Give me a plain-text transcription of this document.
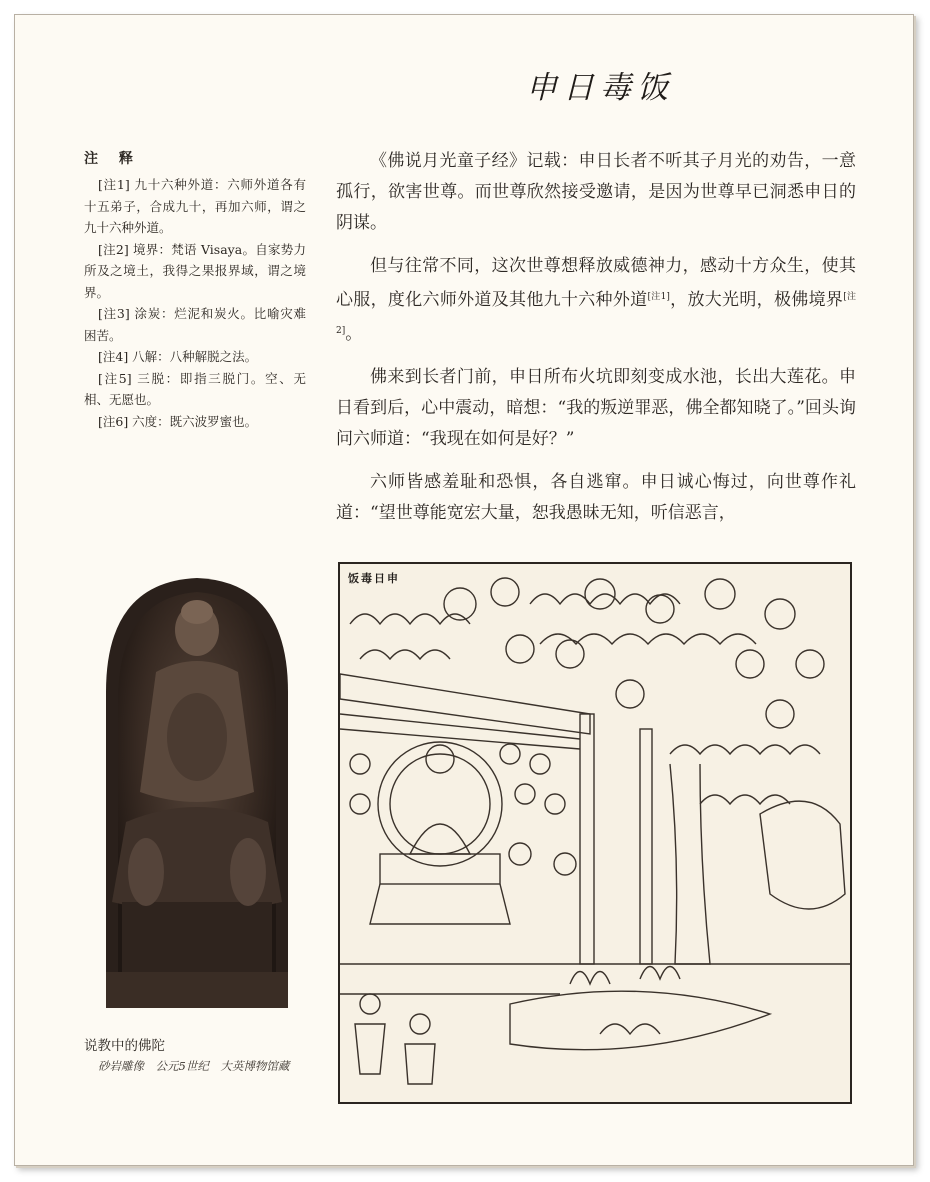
申日毒饭
注 释
[注1] 九十六种外道：六师外道各有十五弟子，合成九十，再加六师，谓之九十六种外道。
[注2] 境界：梵语 Visaya。自家势力所及之境土，我得之果报界域，谓之境界。
[注3] 涂炭：烂泥和炭火。比喻灾难困苦。
[注4] 八解：八种解脱之法。
[注5] 三脱：即指三脱门。空、无相、无愿也。
[注6] 六度：既六波罗蜜也。

《佛说月光童子经》记载：申日长者不听其子月光的劝告，一意孤行，欲害世尊。而世尊欣然接受邀请，是因为世尊早已洞悉申日的阴谋。

但与往常不同，这次世尊想释放威德神力，感动十方众生，使其心服，度化六师外道及其他九十六种外道[注1]，放大光明，极佛境界[注2]。

佛来到长者门前，申日所布火坑即刻变成水池，长出大莲花。申日看到后，心中震动，暗想：“我的叛逆罪恶，佛全都知晓了。”回头询问六师道：“我现在如何是好？”

六师皆感羞耻和恐惧，各自逃窜。申日诚心悔过，向世尊作礼道：“望世尊能宽宏大量，恕我愚昧无知，听信恶言，

说教中的佛陀
砂岩雕像　公元5世纪　大英博物馆藏
申日毒饭
